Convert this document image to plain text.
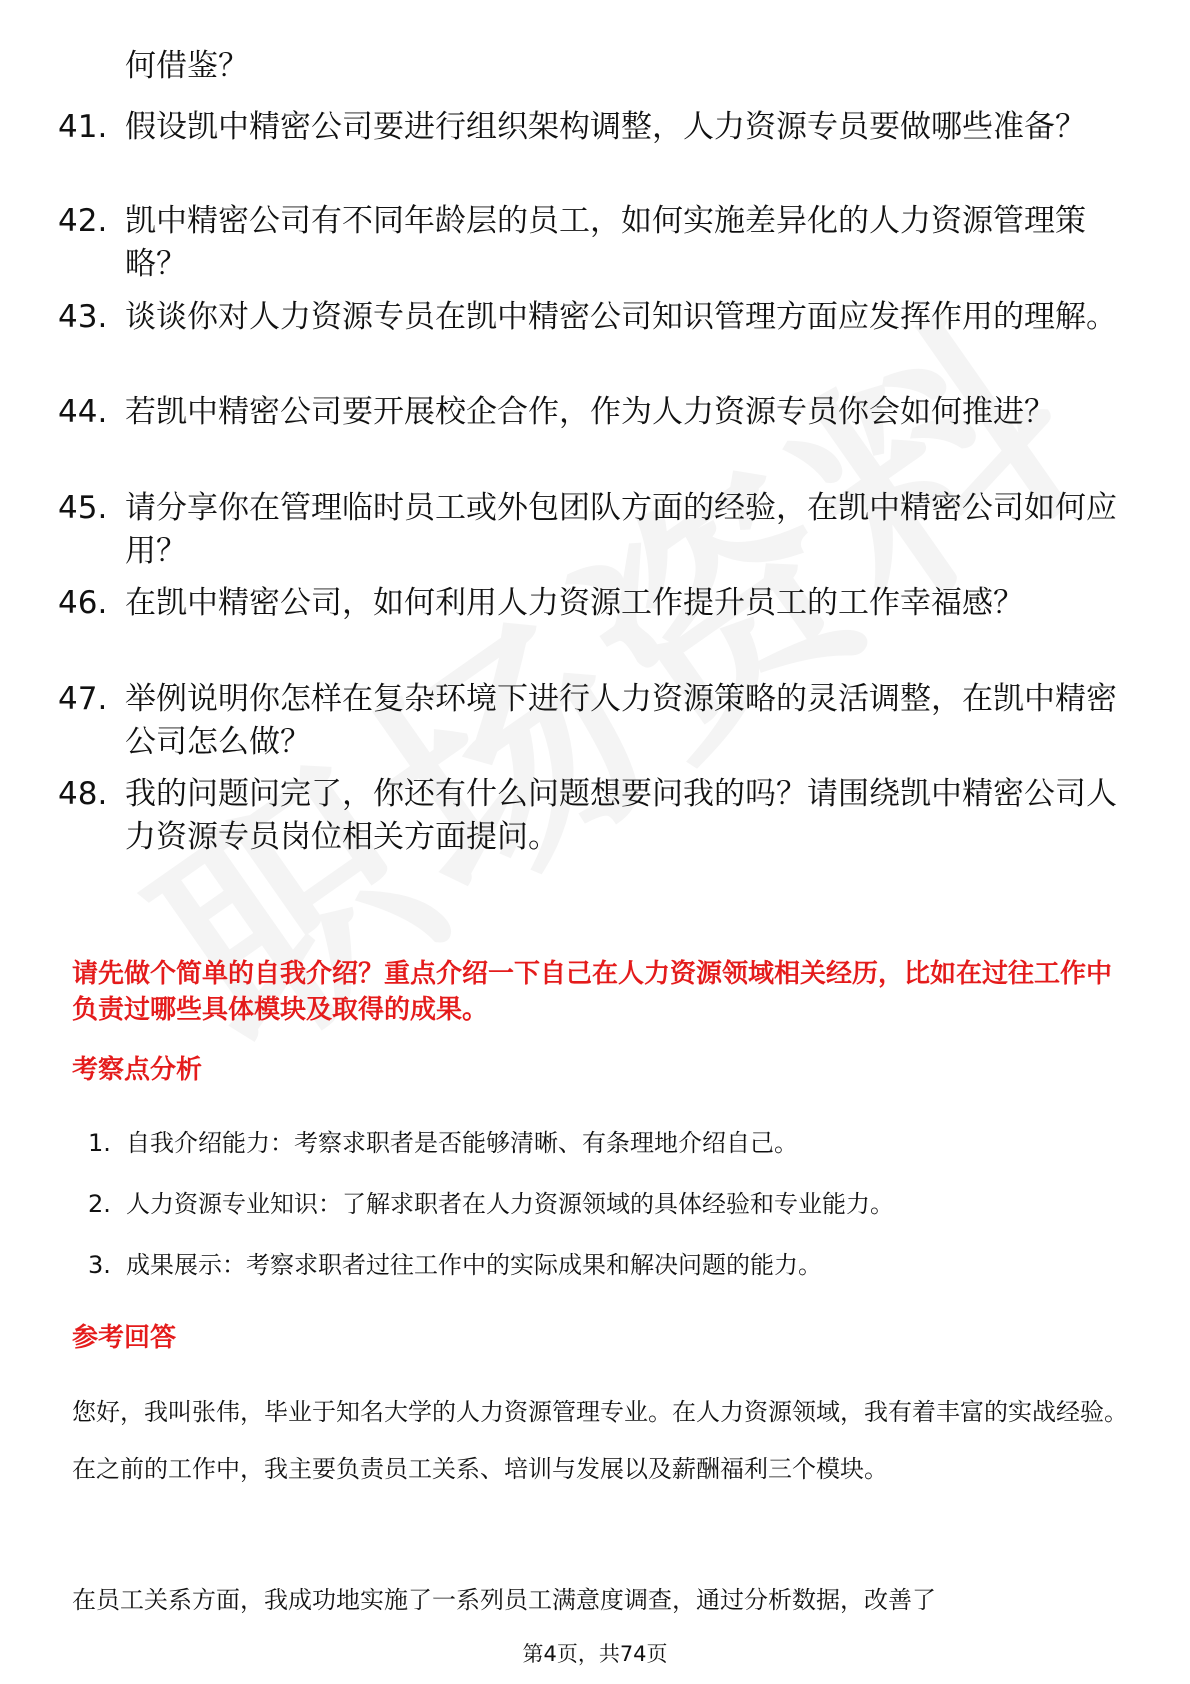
何借鉴？
41. 假设凯中精密公司要进行组织架构调整，人力资源专员要做哪些准备？
42. 凯中精密公司有不同年龄层的员工，如何实施差异化的人力资源管理策略？
43. 谈谈你对人力资源专员在凯中精密公司知识管理方面应发挥作用的理解。
44. 若凯中精密公司要开展校企合作，作为人力资源专员你会如何推进？
45. 请分享你在管理临时员工或外包团队方面的经验，在凯中精密公司如何应用？
46. 在凯中精密公司，如何利用人力资源工作提升员工的工作幸福感？
47. 举例说明你怎样在复杂环境下进行人力资源策略的灵活调整，在凯中精密公司怎么做？
48. 我的问题问完了，你还有什么问题想要问我的吗？请围绕凯中精密公司人力资源专员岗位相关方面提问。
请先做个简单的自我介绍？重点介绍一下自己在人力资源领域相关经历，比如在过往工作中负责过哪些具体模块及取得的成果。
考察点分析
1. 自我介绍能力：考察求职者是否能够清晰、有条理地介绍自己。
2. 人力资源专业知识：了解求职者在人力资源领域的具体经验和专业能力。
3. 成果展示：考察求职者过往工作中的实际成果和解决问题的能力。
参考回答
您好，我叫张伟，毕业于知名大学的人力资源管理专业。在人力资源领域，我有着丰富的实战经验。在之前的工作中，我主要负责员工关系、培训与发展以及薪酬福利三个模块。
在员工关系方面，我成功地实施了一系列员工满意度调查，通过分析数据，改善了
第4页，共74页
